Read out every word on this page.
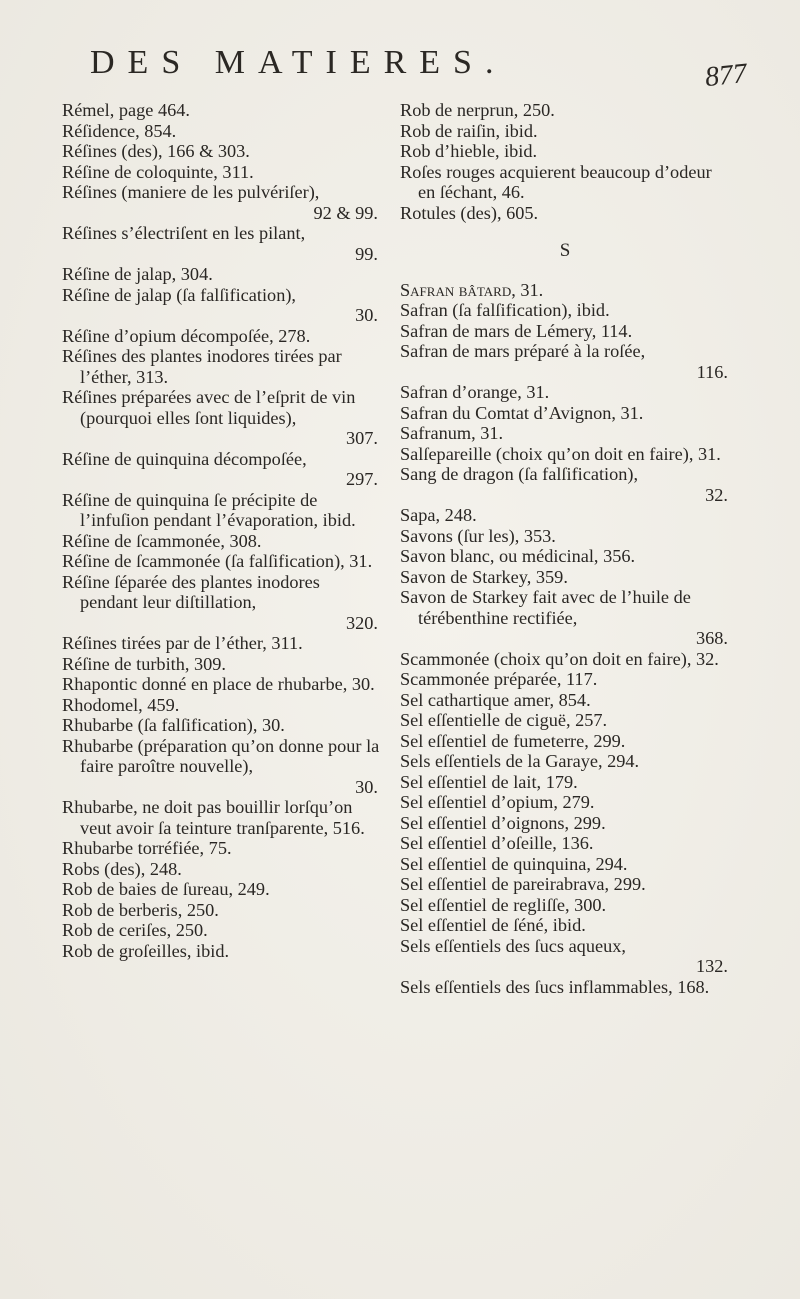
DES MATIERES.	877

Rémel, page 464.

Réſidence, 854.

Réſines (des), 166 & 303.

Réſine de coloquinte, 311.

Réſines (maniere de les pulvériſer),

92 & 99.

Réſines s’électriſent en les pilant,

99.

Réſine de jalap, 304.

Réſine de jalap (ſa falſification),

30.

Réſine d’opium décompoſée, 278.

Réſines des plantes inodores tirées par l’éther, 313.

Réſines préparées avec de l’eſprit de vin (pourquoi elles ſont liquides),

307.

Réſine de quinquina décompoſée,

297.

Réſine de quinquina ſe précipite de l’infuſion pendant l’évaporation, ibid.

Réſine de ſcammonée, 308.

Réſine de ſcammonée (ſa falſification), 31.

Réſine ſéparée des plantes inodores pendant leur diſtillation,

320.

Réſines tirées par de l’éther, 311.

Réſine de turbith, 309.

Rhapontic donné en place de rhubarbe, 30.

Rhodomel, 459.

Rhubarbe (ſa falſification), 30.

Rhubarbe (préparation qu’on donne pour la faire paroître nouvelle),

30.

Rhubarbe, ne doit pas bouillir lorſqu’on veut avoir ſa teinture tranſparente, 516.

Rhubarbe torréfiée, 75.

Robs (des), 248.

Rob de baies de ſureau, 249.

Rob de berberis, 250.

Rob de ceriſes, 250.

Rob de groſeilles, ibid.

Rob de nerprun, 250.

Rob de raiſin, ibid.

Rob d’hieble, ibid.

Roſes rouges acquierent beaucoup d’odeur en ſéchant, 46.

Rotules (des), 605.

S

Safran bâtard, 31.

Safran (ſa falſification), ibid.

Safran de mars de Lémery, 114.

Safran de mars préparé à la roſée,

116.

Safran d’orange, 31.

Safran du Comtat d’Avignon, 31.

Safranum, 31.

Salſepareille (choix qu’on doit en faire), 31.

Sang de dragon (ſa falſification),

32.

Sapa, 248.

Savons (ſur les), 353.

Savon blanc, ou médicinal, 356.

Savon de Starkey, 359.

Savon de Starkey fait avec de l’huile de térébenthine rectifiée,

368.

Scammonée (choix qu’on doit en faire), 32.

Scammonée préparée, 117.

Sel cathartique amer, 854.

Sel eſſentielle de ciguë, 257.

Sel eſſentiel de fumeterre, 299.

Sels eſſentiels de la Garaye, 294.

Sel eſſentiel de lait, 179.

Sel eſſentiel d’opium, 279.

Sel eſſentiel d’oignons, 299.

Sel eſſentiel d’oſeille, 136.

Sel eſſentiel de quinquina, 294.

Sel eſſentiel de pareirabrava, 299.

Sel eſſentiel de regliſſe, 300.

Sel eſſentiel de ſéné, ibid.

Sels eſſentiels des ſucs aqueux,

132.

Sels eſſentiels des ſucs inflammables, 168.
